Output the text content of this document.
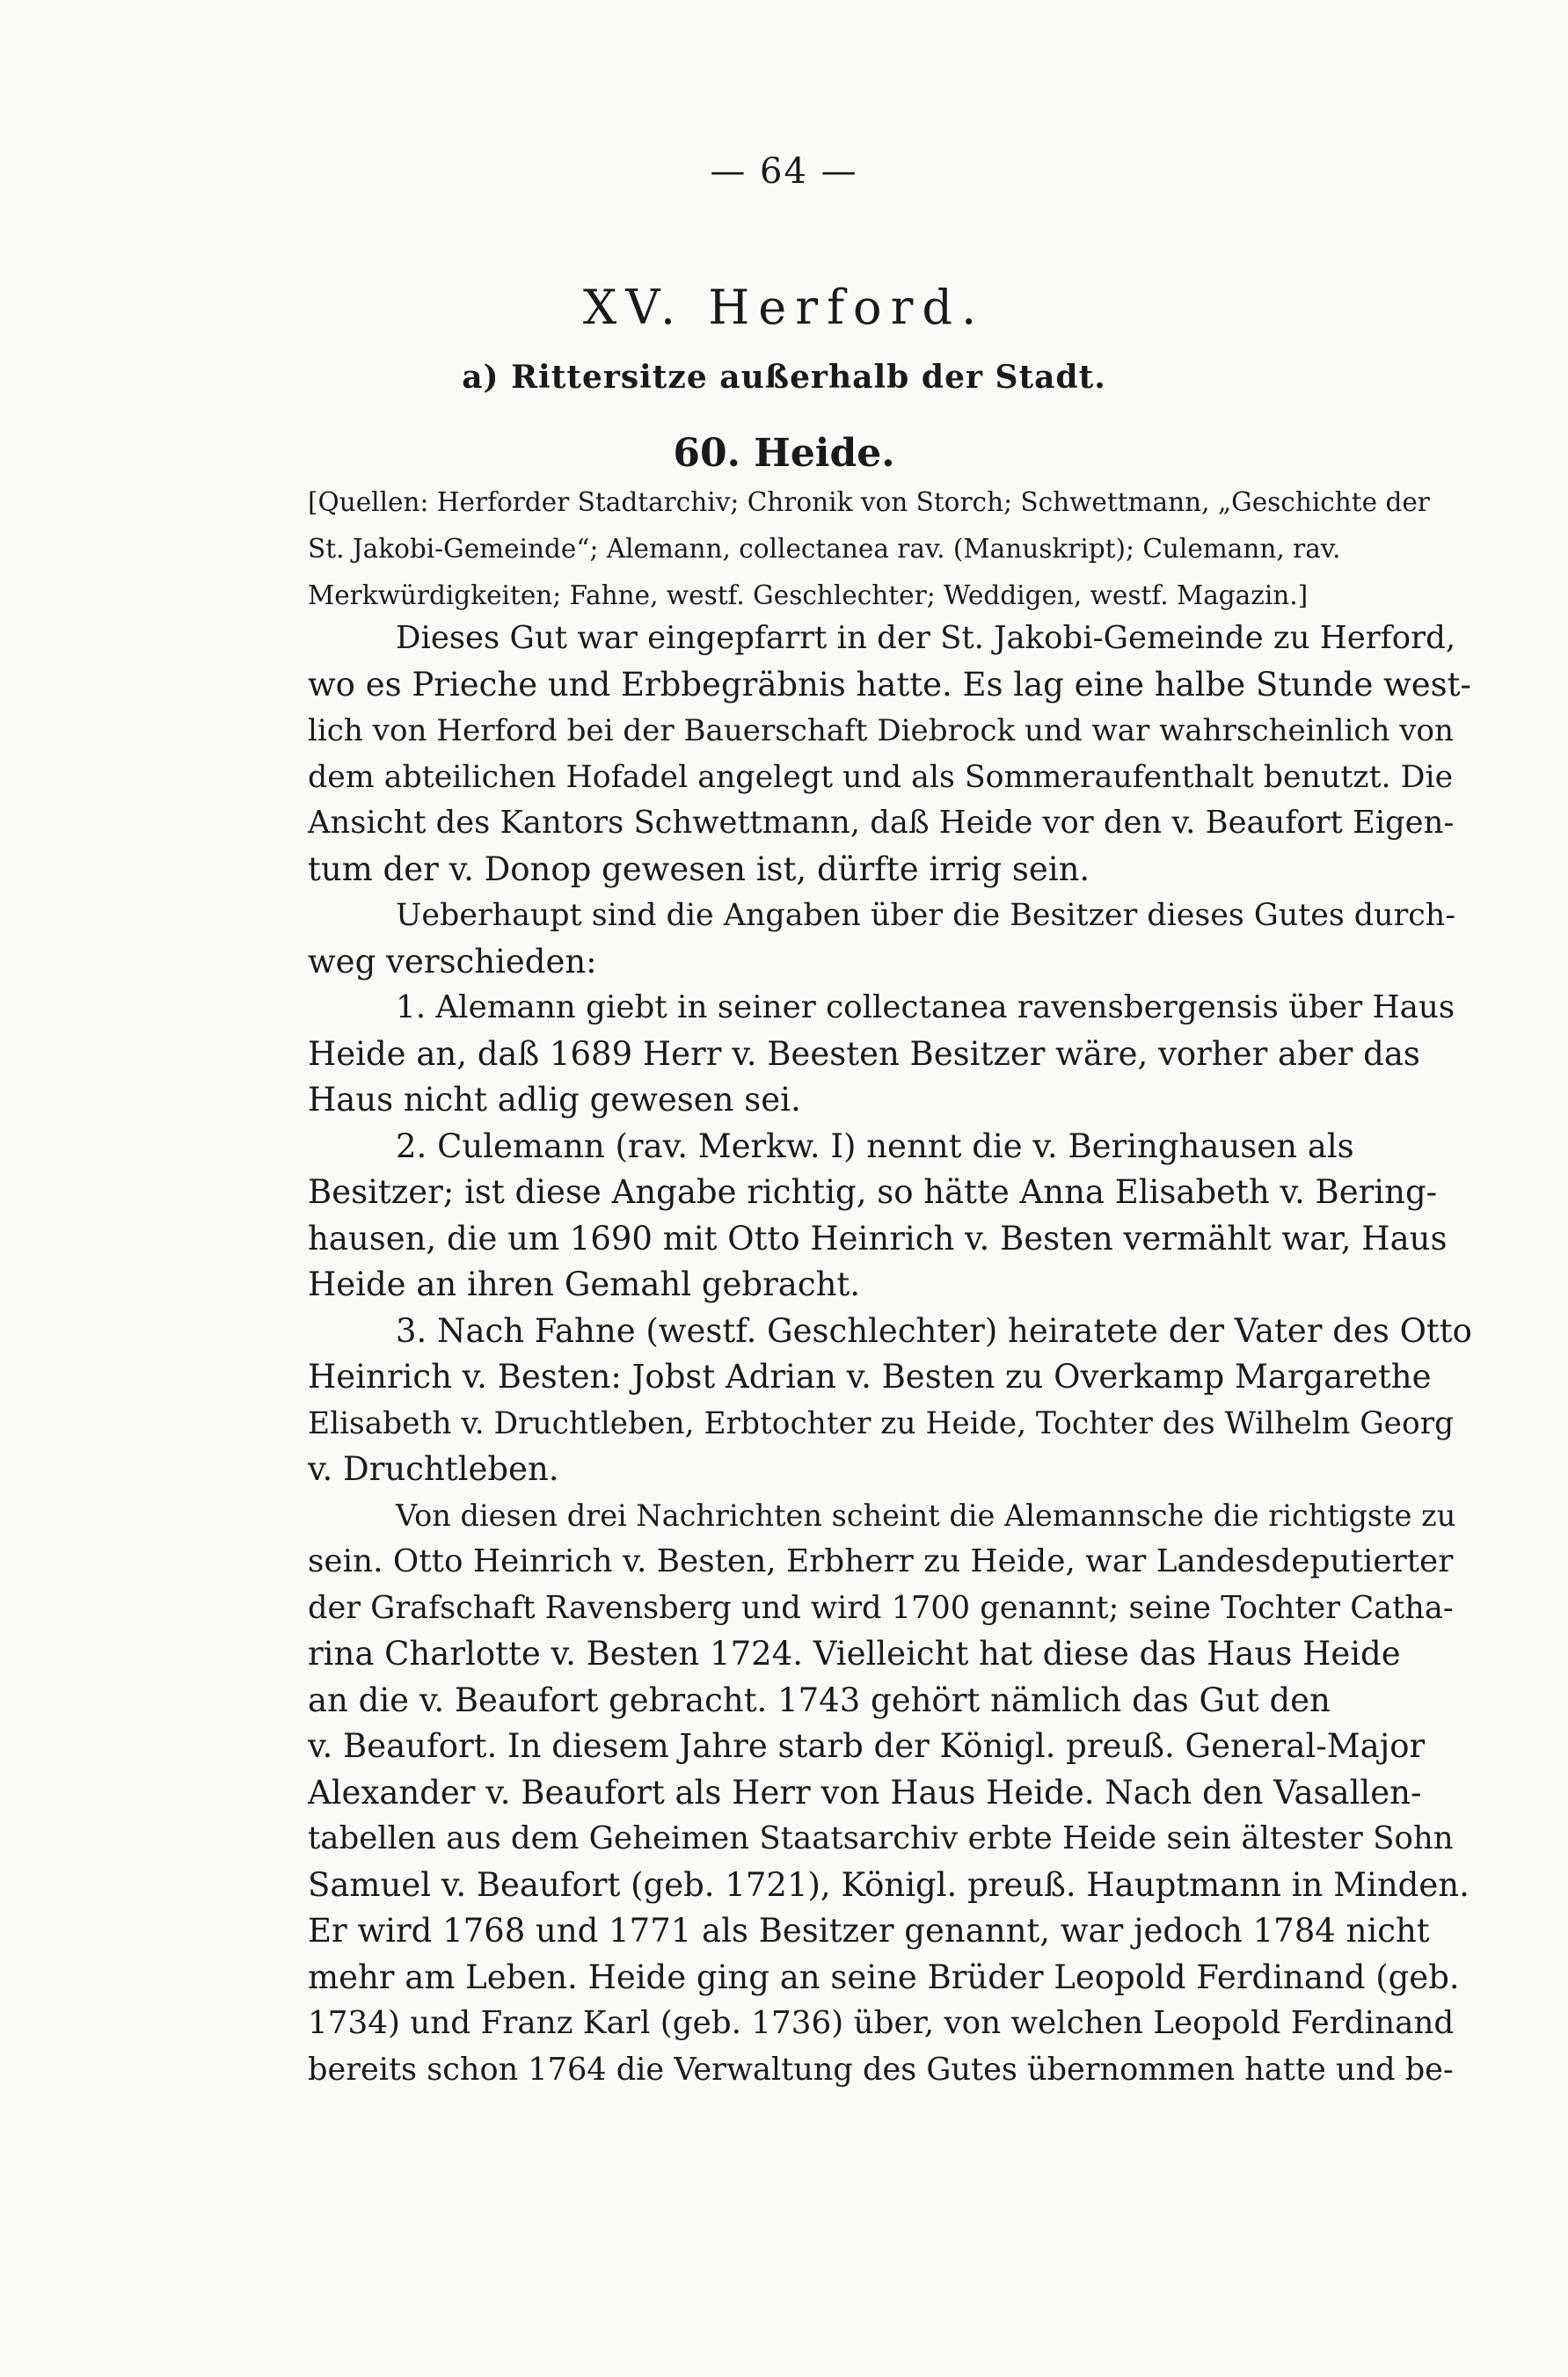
— 64 —
XV. Herford.
a) Rittersitze außerhalb der Stadt.
60. Heide.
[Quellen: Herforder Stadtarchiv; Chronik von Storch; Schwettmann, „Geschichte der
St. Jakobi-Gemeinde“; Alemann, collectanea rav. (Manuskript); Culemann, rav.
Merkwürdigkeiten; Fahne, westf. Geschlechter; Weddigen, westf. Magazin.]
Dieses Gut war eingepfarrt in der St. Jakobi-Gemeinde zu Herford,
wo es Prieche und Erbbegräbnis hatte. Es lag eine halbe Stunde west-
lich von Herford bei der Bauerschaft Diebrock und war wahrscheinlich von
dem abteilichen Hofadel angelegt und als Sommeraufenthalt benutzt. Die
Ansicht des Kantors Schwettmann, daß Heide vor den v. Beaufort Eigen-
tum der v. Donop gewesen ist, dürfte irrig sein.
Ueberhaupt sind die Angaben über die Besitzer dieses Gutes durch-
weg verschieden:
1. Alemann giebt in seiner collectanea ravensbergensis über Haus
Heide an, daß 1689 Herr v. Beesten Besitzer wäre, vorher aber das
Haus nicht adlig gewesen sei.
2. Culemann (rav. Merkw. I) nennt die v. Beringhausen als
Besitzer; ist diese Angabe richtig, so hätte Anna Elisabeth v. Bering-
hausen, die um 1690 mit Otto Heinrich v. Besten vermählt war, Haus
Heide an ihren Gemahl gebracht.
3. Nach Fahne (westf. Geschlechter) heiratete der Vater des Otto
Heinrich v. Besten: Jobst Adrian v. Besten zu Overkamp Margarethe
Elisabeth v. Druchtleben, Erbtochter zu Heide, Tochter des Wilhelm Georg
v. Druchtleben.
Von diesen drei Nachrichten scheint die Alemannsche die richtigste zu
sein. Otto Heinrich v. Besten, Erbherr zu Heide, war Landesdeputierter
der Grafschaft Ravensberg und wird 1700 genannt; seine Tochter Catha-
rina Charlotte v. Besten 1724. Vielleicht hat diese das Haus Heide
an die v. Beaufort gebracht. 1743 gehört nämlich das Gut den
v. Beaufort. In diesem Jahre starb der Königl. preuß. General-Major
Alexander v. Beaufort als Herr von Haus Heide. Nach den Vasallen-
tabellen aus dem Geheimen Staatsarchiv erbte Heide sein ältester Sohn
Samuel v. Beaufort (geb. 1721), Königl. preuß. Hauptmann in Minden.
Er wird 1768 und 1771 als Besitzer genannt, war jedoch 1784 nicht
mehr am Leben. Heide ging an seine Brüder Leopold Ferdinand (geb.
1734) und Franz Karl (geb. 1736) über, von welchen Leopold Ferdinand
bereits schon 1764 die Verwaltung des Gutes übernommen hatte und be-
